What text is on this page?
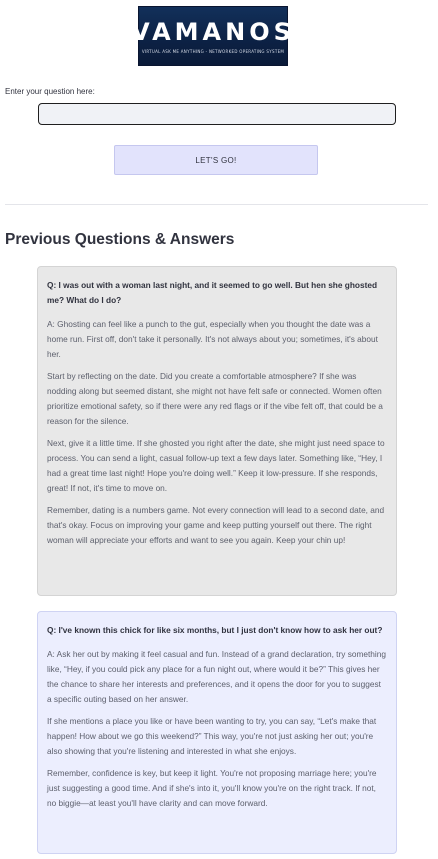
VAMANOS
VIRTUAL ASK ME ANYTHING - NETWORKED OPERATING SYSTEM
Enter your question here:
LET'S GO!
Previous Questions & Answers

Q: I was out with a woman last night, and it seemed to go well. But hen she ghosted me? What do I do?

A: Ghosting can feel like a punch to the gut, especially when you thought the date was a home run. First off, don't take it personally. It's not always about you; sometimes, it's about her.

Start by reflecting on the date. Did you create a comfortable atmosphere? If she was nodding along but seemed distant, she might not have felt safe or connected. Women often prioritize emotional safety, so if there were any red flags or if the vibe felt off, that could be a reason for the silence.

Next, give it a little time. If she ghosted you right after the date, she might just need space to process. You can send a light, casual follow-up text a few days later. Something like, “Hey, I had a great time last night! Hope you're doing well.” Keep it low-pressure. If she responds, great! If not, it's time to move on.

Remember, dating is a numbers game. Not every connection will lead to a second date, and that's okay. Focus on improving your game and keep putting yourself out there. The right woman will appreciate your efforts and want to see you again. Keep your chin up!

Q: I've known this chick for like six months, but I just don't know how to ask her out?

A: Ask her out by making it feel casual and fun. Instead of a grand declaration, try something like, “Hey, if you could pick any place for a fun night out, where would it be?” This gives her the chance to share her interests and preferences, and it opens the door for you to suggest a specific outing based on her answer.

If she mentions a place you like or have been wanting to try, you can say, “Let's make that happen! How about we go this weekend?” This way, you're not just asking her out; you're also showing that you're listening and interested in what she enjoys.

Remember, confidence is key, but keep it light. You're not proposing marriage here; you're just suggesting a good time. And if she's into it, you'll know you're on the right track. If not, no biggie—at least you'll have clarity and can move forward.
